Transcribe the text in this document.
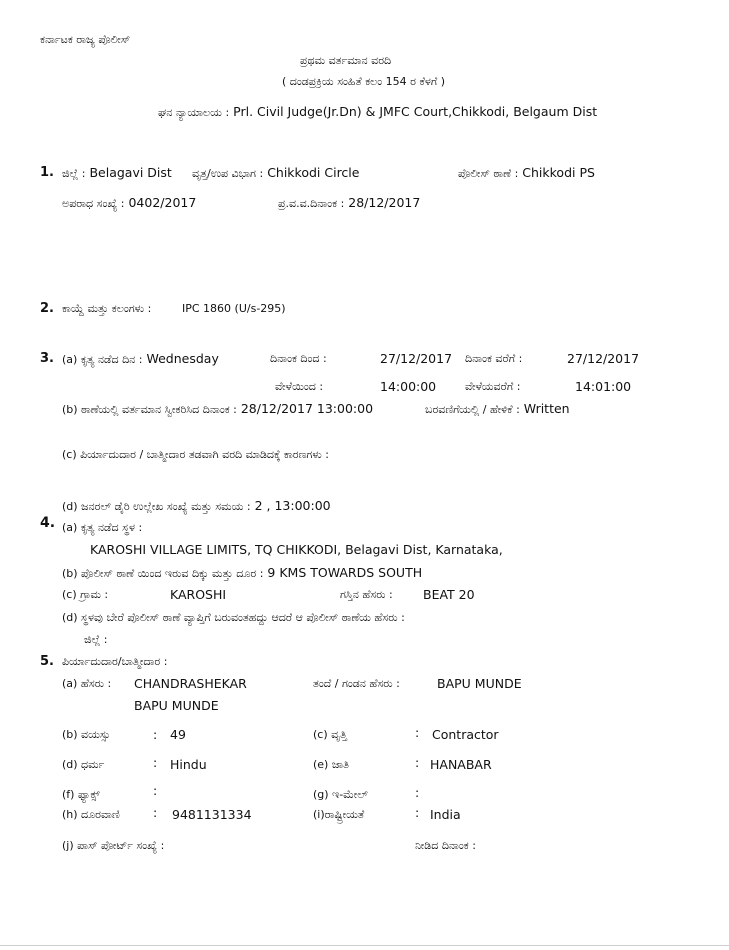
ಕರ್ನಾಟಕ ರಾಜ್ಯ ಪೊಲೀಸ್
ಪ್ರಥಮ ವರ್ತಮಾನ ವರದಿ
( ದಂಡಪ್ರಕ್ರಿಯ ಸಂಹಿತೆ ಕಲಂ 154 ರ ಕೆಳಗೆ )
ಘನ ನ್ಯಾಯಾಲಯ : Prl. Civil Judge(Jr.Dn) & JMFC Court,Chikkodi, Belgaum Dist
1. ಜಿಲ್ಲೆ : Belagavi Dist ವೃತ್ತ/ಉಪ ವಿಭಾಗ : Chikkodi Circle	ಪೊಲೀಸ್ ಠಾಣೆ : Chikkodi PS
ಅಪರಾಧ ಸಂಖ್ಯೆ : 0402/2017	ಪ್ರ.ವ.ವ.ದಿನಾಂಕ : 28/12/2017
2. ಕಾಯ್ದೆ ಮತ್ತು ಕಲಂಗಳು :	IPC 1860 (U/s-295)
3. (a) ಕೃತ್ಯ ನಡೆದ ದಿನ : Wednesday	ದಿನಾಂಕ ದಿಂದ :	27/12/2017 ದಿನಾಂಕ ವರೆಗೆ :	27/12/2017
ವೇಳೆಯಿಂದ :	14:00:00	ವೇಳೆಯವರೆಗೆ :	14:01:00
(b) ಠಾಣೆಯಲ್ಲಿ ವರ್ತಮಾನ ಸ್ವೀಕರಿಸಿದ ದಿನಾಂಕ : 28/12/2017 13:00:00	ಬರವಣಿಗೆಯಲ್ಲಿ / ಹೇಳಿಕೆ : Written
(c) ಪಿರ್ಯಾದುದಾರ / ಬಾತ್ಮೀದಾರ ತಡವಾಗಿ ವರದಿ ಮಾಡಿದಕ್ಕೆ ಕಾರಣಗಳು :
(d) ಜನರಲ್ ಡೈರಿ ಉಲ್ಲೇಖ ಸಂಖ್ಯೆ ಮತ್ತು ಸಮಯ : 2 , 13:00:00
4. (a) ಕೃತ್ಯ ನಡೆದ ಸ್ಥಳ :
KAROSHI VILLAGE LIMITS, TQ CHIKKODI, Belagavi Dist, Karnataka,
(b) ಪೊಲೀಸ್ ಠಾಣೆ ಯಿಂದ ಇರುವ ದಿಕ್ಕು ಮತ್ತು ದೂರ : 9 KMS TOWARDS SOUTH
(c) ಗ್ರಾಮ :	KAROSHI	ಗಸ್ತಿನ ಹೆಸರು : BEAT 20
(d) ಸ್ಥಳವು ಬೇರೆ ಪೊಲೀಸ್ ಠಾಣೆ ವ್ಯಾಪ್ತಿಗೆ ಬರುವಂತಹದ್ದು ಆದರೆ ಆ ಪೊಲೀಸ್ ಠಾಣೆಯ ಹೆಸರು :
ಜಿಲ್ಲೆ :
5. ಪಿರ್ಯಾದುದಾರ/ಬಾತ್ಮೀದಾರ :
(a) ಹೆಸರು : CHANDRASHEKAR
BAPU MUNDE
ತಂದೆ / ಗಂಡನ ಹೆಸರು :	BAPU MUNDE
(b) ವಯಸ್ಸು	: 49	(c) ವೃತ್ತಿ	: Contractor
(d) ಧರ್ಮ	: Hindu	(e) ಜಾತಿ	: HANABAR
(f) ಫ್ಯಾಕ್ಸ್	:	(g) ಇ-ಮೇಲ್	:
(h) ದೂರವಾಣಿ	: 9481131334	(i)ರಾಷ್ಟ್ರೀಯತೆ	: India
(j) ಪಾಸ್ ಪೋರ್ಟ್ ಸಂಖ್ಯೆ :	ನೀಡಿದ ದಿನಾಂಕ :
